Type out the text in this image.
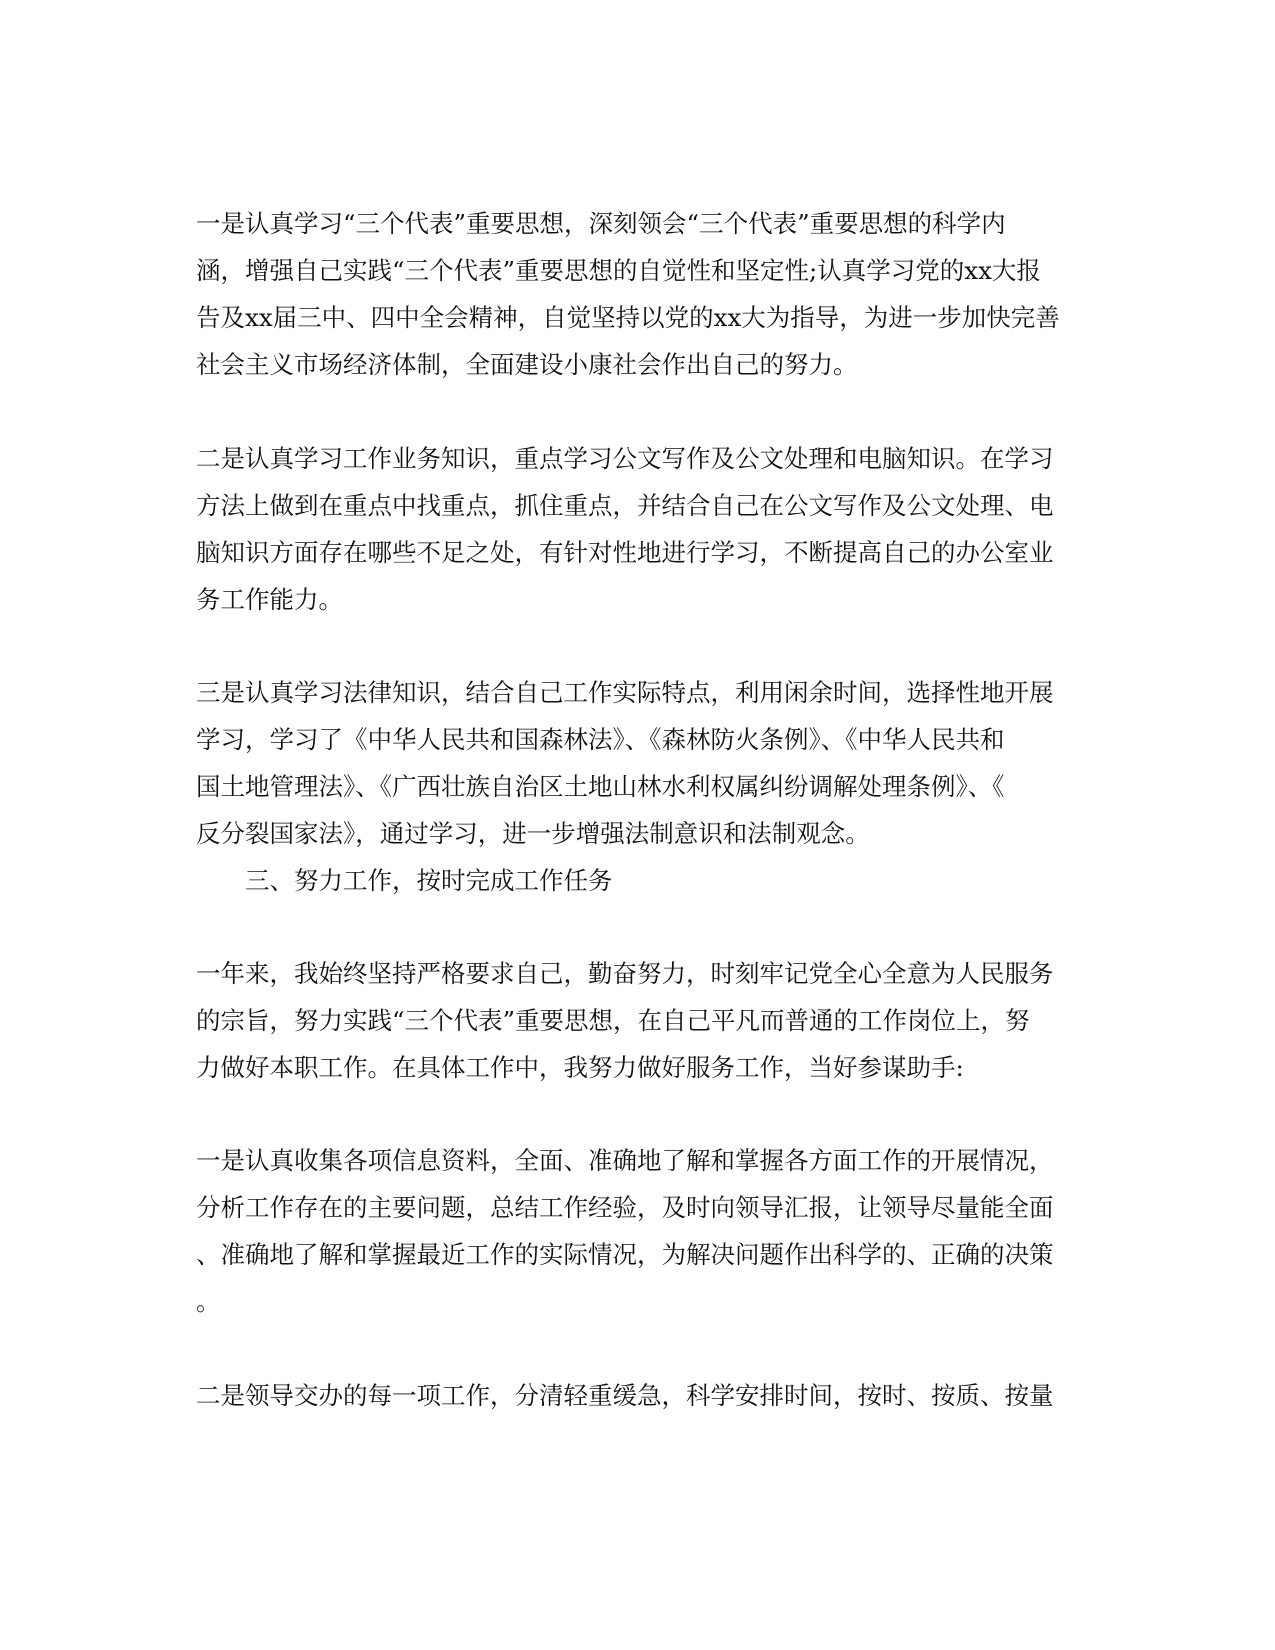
一是认真学习“三个代表”重要思想，深刻领会“三个代表”重要思想的科学内
涵，增强自己实践“三个代表”重要思想的自觉性和坚定性;认真学习党的xx大报
告及xx届三中、四中全会精神，自觉坚持以党的xx大为指导，为进一步加快完善
社会主义市场经济体制，全面建设小康社会作出自己的努力。
二是认真学习工作业务知识，重点学习公文写作及公文处理和电脑知识。在学习
方法上做到在重点中找重点，抓住重点，并结合自己在公文写作及公文处理、电
脑知识方面存在哪些不足之处，有针对性地进行学习，不断提高自己的办公室业
务工作能力。
三是认真学习法律知识，结合自己工作实际特点，利用闲余时间，选择性地开展
学习，学习了《中华人民共和国森林法》、《森林防火条例》、《中华人民共和
国土地管理法》、《广西壮族自治区土地山林水利权属纠纷调解处理条例》、《
反分裂国家法》，通过学习，进一步增强法制意识和法制观念。
三、努力工作，按时完成工作任务
一年来，我始终坚持严格要求自己，勤奋努力，时刻牢记党全心全意为人民服务
的宗旨，努力实践“三个代表”重要思想，在自己平凡而普通的工作岗位上，努
力做好本职工作。在具体工作中，我努力做好服务工作，当好参谋助手:
一是认真收集各项信息资料，全面、准确地了解和掌握各方面工作的开展情况，
分析工作存在的主要问题，总结工作经验，及时向领导汇报，让领导尽量能全面
、准确地了解和掌握最近工作的实际情况，为解决问题作出科学的、正确的决策
。
二是领导交办的每一项工作，分清轻重缓急，科学安排时间，按时、按质、按量
